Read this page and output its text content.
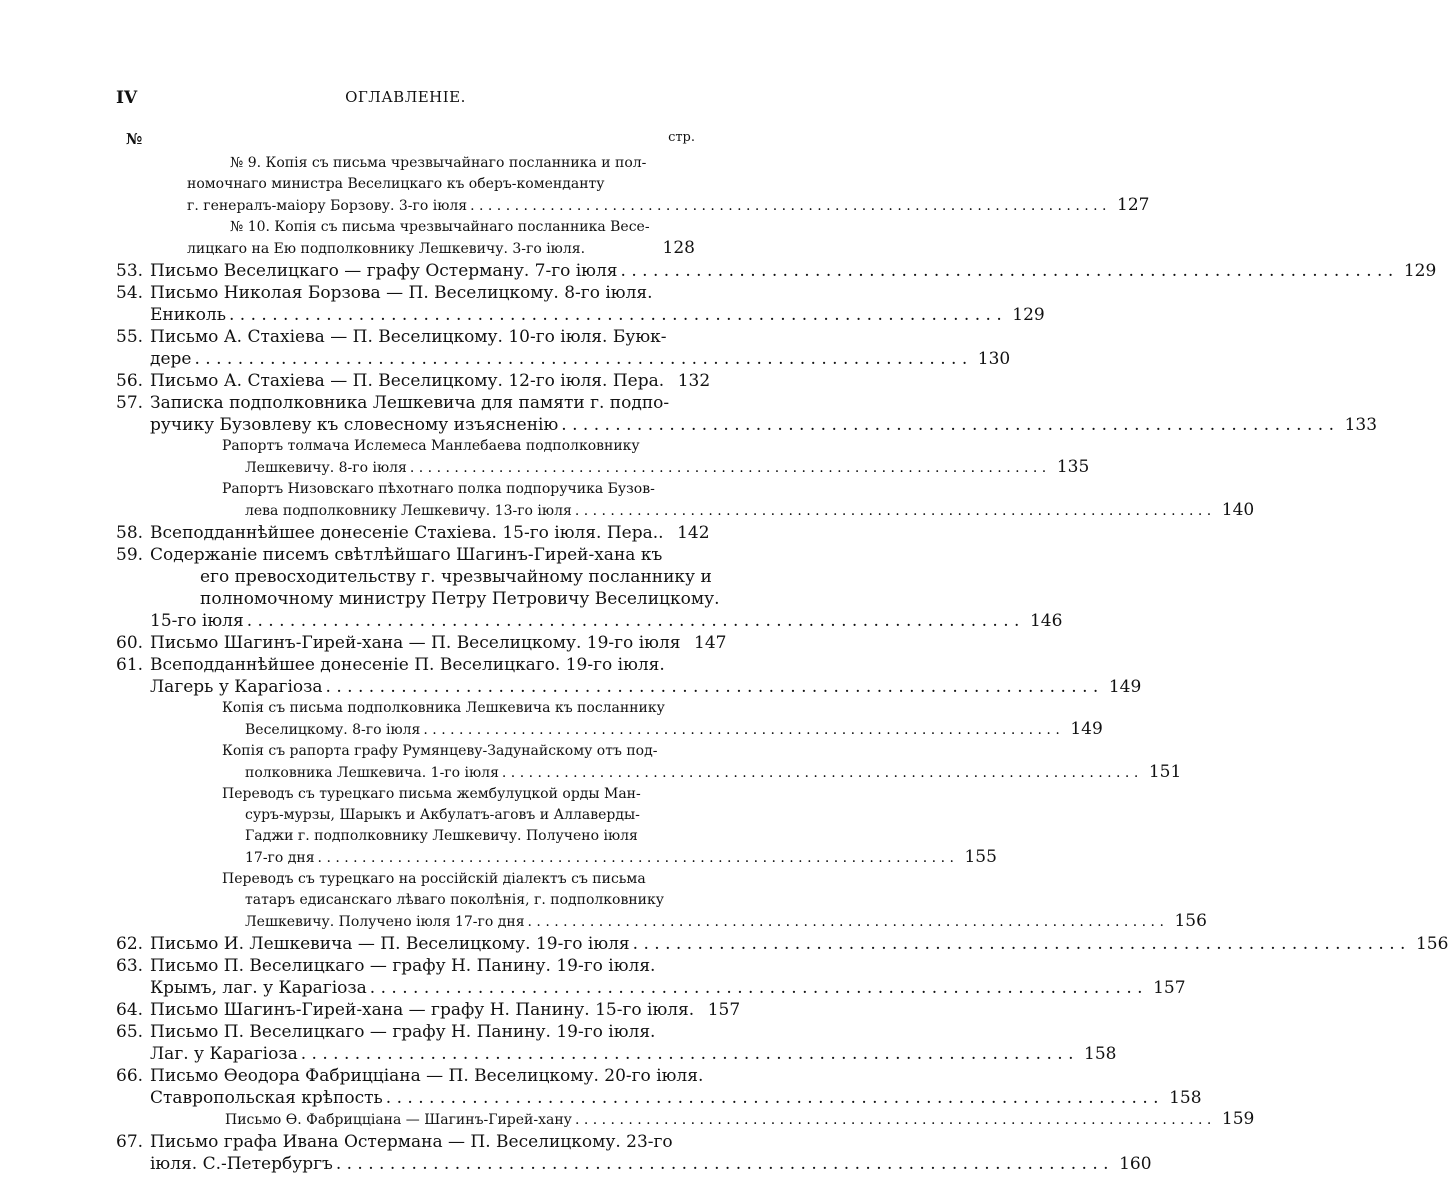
IV	ОГЛАВЛЕНІЕ.
№	стр.
№ 9. Копія съ письма чрезвычайнаго посланника и пол-
номочнаго министра Веселицкаго къ оберъ-коменданту
г. генералъ-маіору Борзову. 3-го іюля . . .	127
№ 10. Копія съ письма чрезвычайнаго посланника Весе-
лицкаго на Ею подполковнику Лешкевичу. 3-го іюля.	128
53. Письмо Веселицкаго — графу Остерману. 7-го іюля . . .	129
54. Письмо Николая Борзова — П. Веселицкому. 8-го іюля.
Ениколь . . .	129
55. Письмо А. Стахіева — П. Веселицкому. 10-го іюля. Буюк-
дере . . .	130
56. Письмо А. Стахіева — П. Веселицкому. 12-го іюля. Пера. 132
57. Записка подполковника Лешкевича для памяти г. подпо-
ручику Бузовлеву къ словесному изъясненію . . .	133
Рапортъ толмача Ислемеса Манлебаева подполковнику
Лешкевичу. 8-го іюля . . .	135
Рапортъ Низовскаго пѣхотнаго полка подпоручика Бузов-
лева подполковнику Лешкевичу. 13-го іюля . . .	140
58. Всеподданнѣйшее донесеніе Стахіева. 15-го іюля. Пера.. 142
59. Содержаніе писемъ свѣтлѣйшаго Шагинъ-Гирей-хана къ
его превосходительству г. чрезвычайному посланнику и
полномочному министру Петру Петровичу Веселицкому.
15-го іюля . . .	146
60. Письмо Шагинъ-Гирей-хана — П. Веселицкому. 19-го іюля 147
61. Всеподданнѣйшее донесеніе П. Веселицкаго. 19-го іюля.
Лагерь у Карагіоза . . .	149
Копія съ письма подполковника Лешкевича къ посланнику
Веселицкому. 8-го іюля . . .	149
Копія съ рапорта графу Румянцеву-Задунайскому отъ под-
полковника Лешкевича. 1-го іюля . . .	151
Переводъ съ турецкаго письма жембулуцкой орды Ман-
суръ-мурзы, Шарыкъ и Акбулатъ-аговъ и Аллаверды-
Гаджи г. подполковнику Лешкевичу. Получено іюля
17-го дня . . .	155
Переводъ съ турецкаго на россійскій діалектъ съ письма
татаръ едисанскаго лѣваго поколѣнія, г. подполковнику
Лешкевичу. Получено іюля 17-го дня . . .	156
62. Письмо И. Лешкевича — П. Веселицкому. 19-го іюля . . .	156
63. Письмо П. Веселицкаго — графу Н. Панину. 19-го іюля.
Крымъ, лаг. у Карагіоза . . .	157
64. Письмо Шагинъ-Гирей-хана — графу Н. Панину. 15-го іюля. 157
65. Письмо П. Веселицкаго — графу Н. Панину. 19-го іюля.
Лаг. у Карагіоза . . .	158
66. Письмо Ѳеодора Фабрицціана — П. Веселицкому. 20-го іюля.
Ставропольская крѣпость . . .	158
Письмо Ѳ. Фабрицціана — Шагинъ-Гирей-хану . . .	159
67. Письмо графа Ивана Остермана — П. Веселицкому. 23-го
іюля. С.-Петербургъ . . .	160
